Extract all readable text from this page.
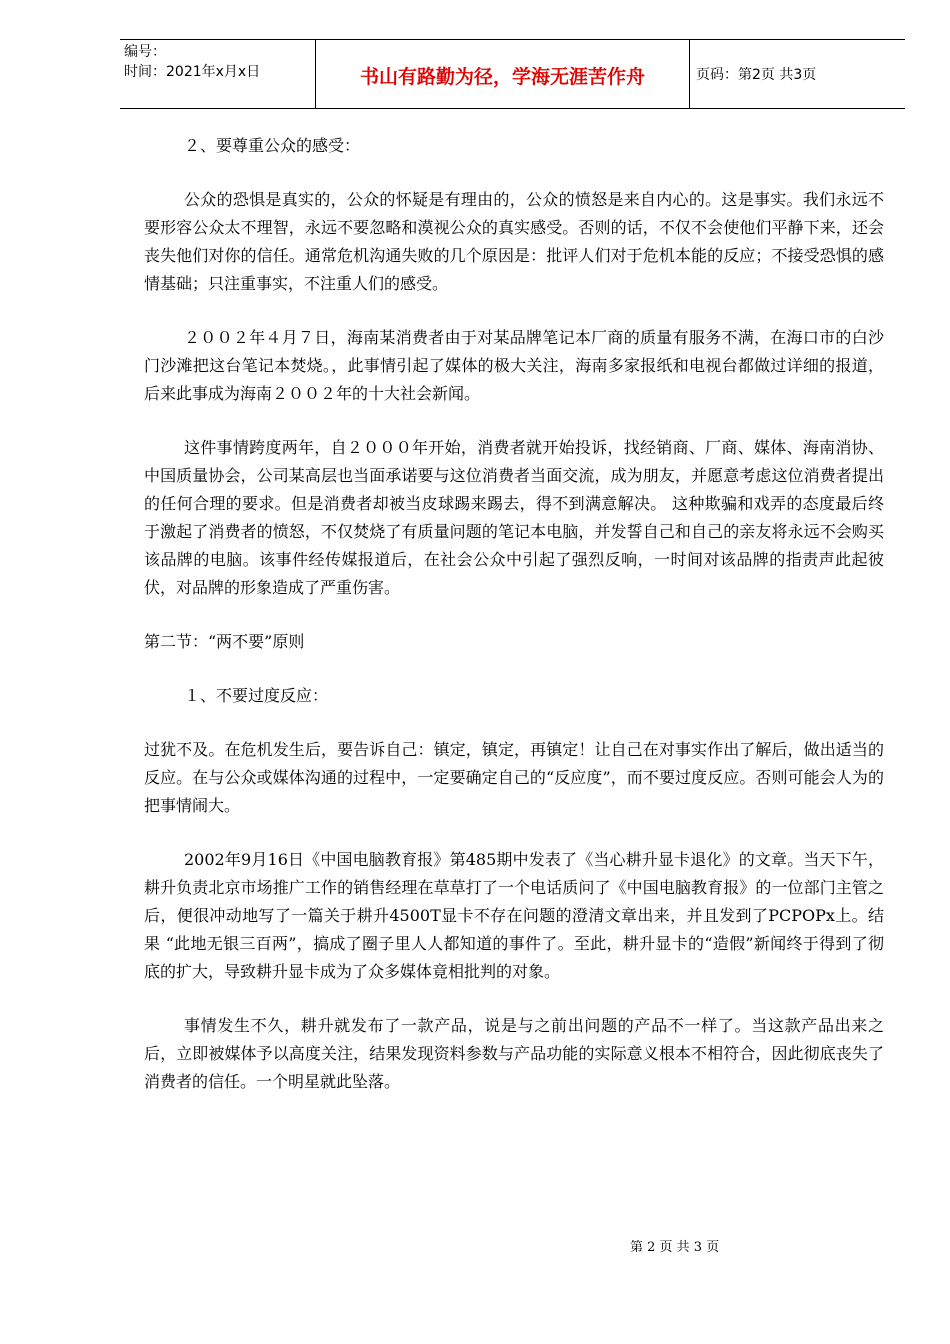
编号：
时间：2021年x月x日	书山有路勤为径，学海无涯苦作舟	页码：第2页 共3页

２、要尊重公众的感受：

公众的恐惧是真实的，公众的怀疑是有理由的，公众的愤怒是来自内心的。这是事实。我们永远不要形容公众太不理智，永远不要忽略和漠视公众的真实感受。否则的话，不仅不会使他们平静下来，还会丧失他们对你的信任。通常危机沟通失败的几个原因是：批评人们对于危机本能的反应；不接受恐惧的感情基础；只注重事实，不注重人们的感受。

２００２年４月７日，海南某消费者由于对某品牌笔记本厂商的质量有服务不满，在海口市的白沙门沙滩把这台笔记本焚烧。，此事情引起了媒体的极大关注，海南多家报纸和电视台都做过详细的报道，后来此事成为海南２００２年的十大社会新闻。

这件事情跨度两年，自２０００年开始，消费者就开始投诉，找经销商、厂商、媒体、海南消协、中国质量协会，公司某高层也当面承诺要与这位消费者当面交流，成为朋友，并愿意考虑这位消费者提出的任何合理的要求。但是消费者却被当皮球踢来踢去，得不到满意解决。 这种欺骗和戏弄的态度最后终于激起了消费者的愤怒，不仅焚烧了有质量问题的笔记本电脑，并发誓自己和自己的亲友将永远不会购买该品牌的电脑。该事件经传媒报道后，在社会公众中引起了强烈反响，一时间对该品牌的指责声此起彼伏，对品牌的形象造成了严重伤害。

第二节：“两不要”原则

１、不要过度反应：

过犹不及。在危机发生后，要告诉自己：镇定，镇定，再镇定！让自己在对事实作出了解后，做出适当的反应。在与公众或媒体沟通的过程中，一定要确定自己的“反应度”，而不要过度反应。否则可能会人为的把事情闹大。

2002年9月16日《中国电脑教育报》第485期中发表了《当心耕升显卡退化》的文章。当天下午，耕升负责北京市场推广工作的销售经理在草草打了一个电话质问了《中国电脑教育报》的一位部门主管之后，便很冲动地写了一篇关于耕升4500T显卡不存在问题的澄清文章出来，并且发到了PCPOPx上。结果 “此地无银三百两”，搞成了圈子里人人都知道的事件了。至此，耕升显卡的“造假”新闻终于得到了彻底的扩大，导致耕升显卡成为了众多媒体竟相批判的对象。

事情发生不久，耕升就发布了一款产品，说是与之前出问题的产品不一样了。当这款产品出来之后，立即被媒体予以高度关注，结果发现资料参数与产品功能的实际意义根本不相符合，因此彻底丧失了消费者的信任。一个明星就此坠落。

第 2 页 共 3 页
